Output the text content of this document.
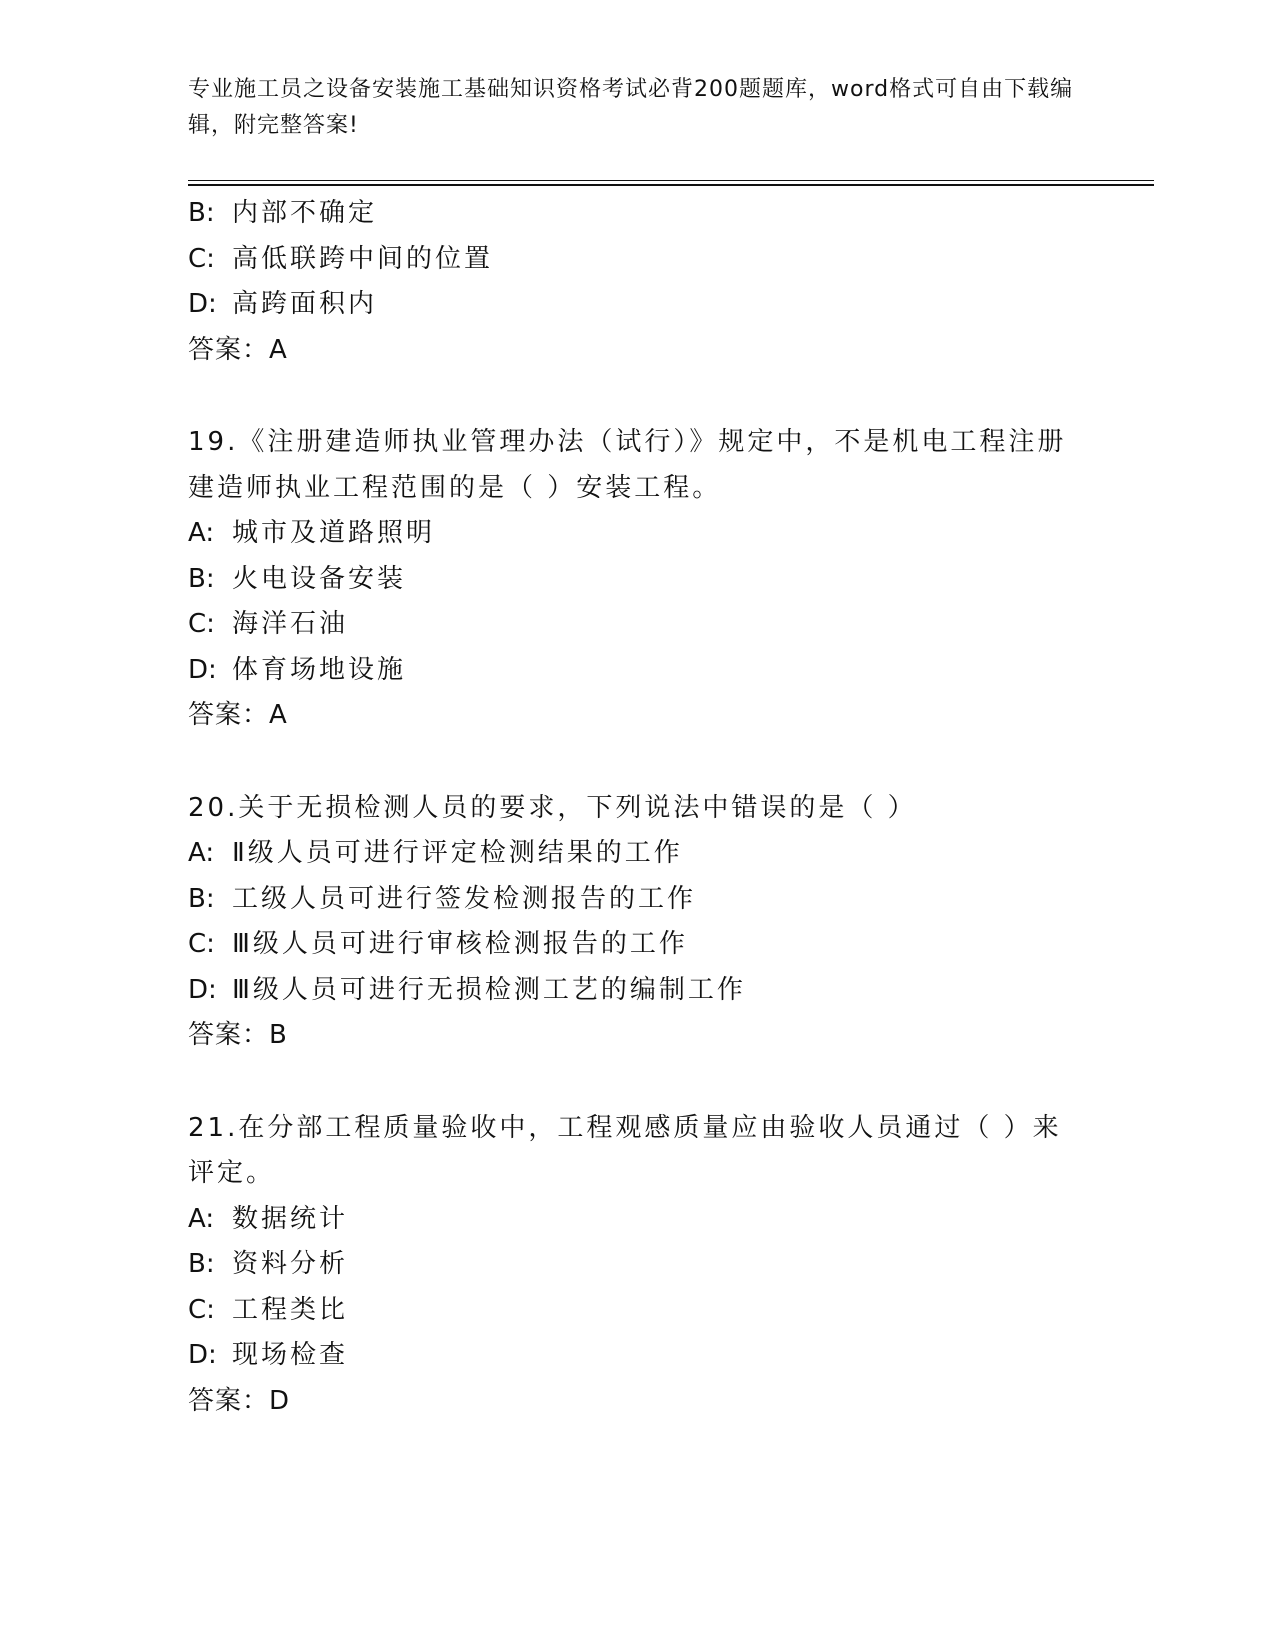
专业施工员之设备安装施工基础知识资格考试必背200题题库，word格式可自由下载编辑，附完整答案!
B: 内部不确定
C: 高低联跨中间的位置
D: 高跨面积内
答案：A
19.《注册建造师执业管理办法（试行）》规定中，不是机电工程注册
建造师执业工程范围的是（ ）安装工程。
A: 城市及道路照明
B: 火电设备安装
C: 海洋石油
D: 体育场地设施
答案：A
20.关于无损检测人员的要求，下列说法中错误的是（ ）
A: Ⅱ级人员可进行评定检测结果的工作
B: 工级人员可进行签发检测报告的工作
C: Ⅲ级人员可进行审核检测报告的工作
D: Ⅲ级人员可进行无损检测工艺的编制工作
答案：B
21.在分部工程质量验收中，工程观感质量应由验收人员通过（ ）来
评定。
A: 数据统计
B: 资料分析
C: 工程类比
D: 现场检查
答案：D
